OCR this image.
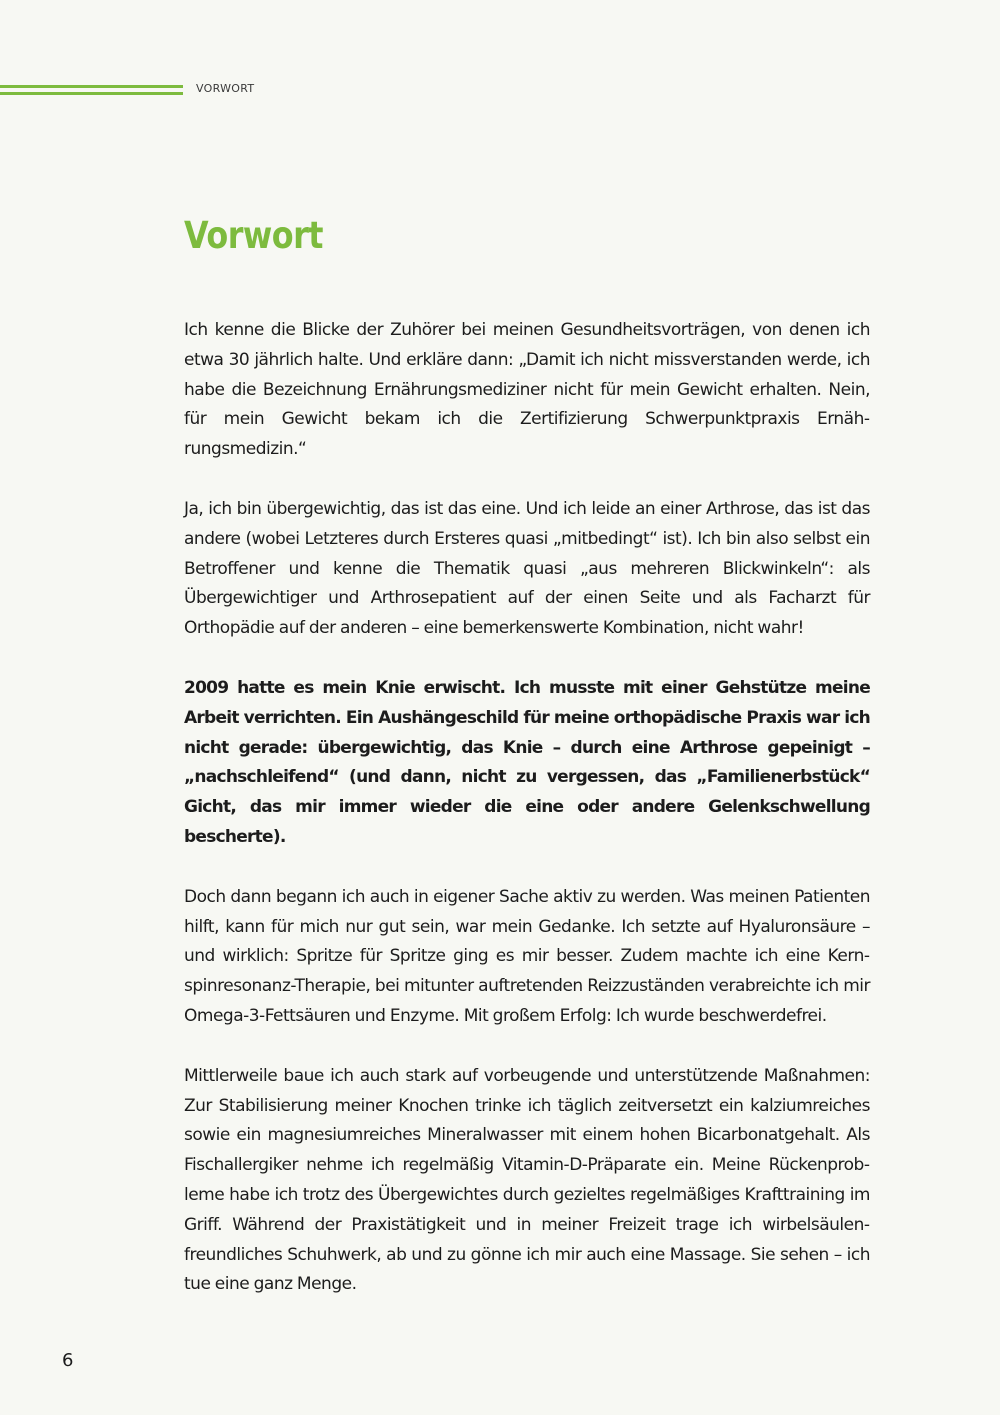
VORWORT
Vorwort

Ich kenne die Blicke der Zuhörer bei meinen Gesundheitsvorträgen, von denen ich etwa 30 jährlich halte. Und erkläre dann: „Damit ich nicht missverstanden werde, ich habe die Bezeichnung Ernährungsmediziner nicht für mein Gewicht erhalten. Nein, für mein Gewicht bekam ich die Zertifizierung Schwerpunktpraxis Ernährungsmedizin.“

Ja, ich bin übergewichtig, das ist das eine. Und ich leide an einer Arthrose, das ist das andere (wobei Letzteres durch Ersteres quasi „mitbedingt“ ist). Ich bin also selbst ein Betroffener und kenne die Thematik quasi „aus mehreren Blickwinkeln“: als Übergewichtiger und Arthrosepatient auf der einen Seite und als Facharzt für Orthopädie auf der anderen – eine bemerkenswerte Kombination, nicht wahr!

2009 hatte es mein Knie erwischt. Ich musste mit einer Gehstütze meine Arbeit verrichten. Ein Aushängeschild für meine orthopädische Praxis war ich nicht gerade: übergewichtig, das Knie – durch eine Arthrose gepeinigt – „nachschleifend“ (und dann, nicht zu vergessen, das „Familienerbstück“ Gicht, das mir immer wieder die eine oder andere Gelenkschwellung bescherte).

Doch dann begann ich auch in eigener Sache aktiv zu werden. Was meinen Patienten hilft, kann für mich nur gut sein, war mein Gedanke. Ich setzte auf Hyaluronsäure – und wirklich: Spritze für Spritze ging es mir besser. Zudem machte ich eine Kernspinresonanz-Therapie, bei mitunter auftretenden Reizzuständen verabreichte ich mir Omega-3-Fettsäuren und Enzyme. Mit großem Erfolg: Ich wurde beschwerdefrei.

Mittlerweile baue ich auch stark auf vorbeugende und unterstützende Maßnahmen: Zur Stabilisierung meiner Knochen trinke ich täglich zeitversetzt ein kalziumreiches sowie ein magnesiumreiches Mineralwasser mit einem hohen Bicarbonatgehalt. Als Fischallergiker nehme ich regelmäßig Vitamin-D-Präparate ein. Meine Rückenprobleme habe ich trotz des Übergewichtes durch gezieltes regelmäßiges Krafttraining im Griff. Während der Praxistätigkeit und in meiner Freizeit trage ich wirbelsäulenfreundliches Schuhwerk, ab und zu gönne ich mir auch eine Massage. Sie sehen – ich tue eine ganz Menge.

6
